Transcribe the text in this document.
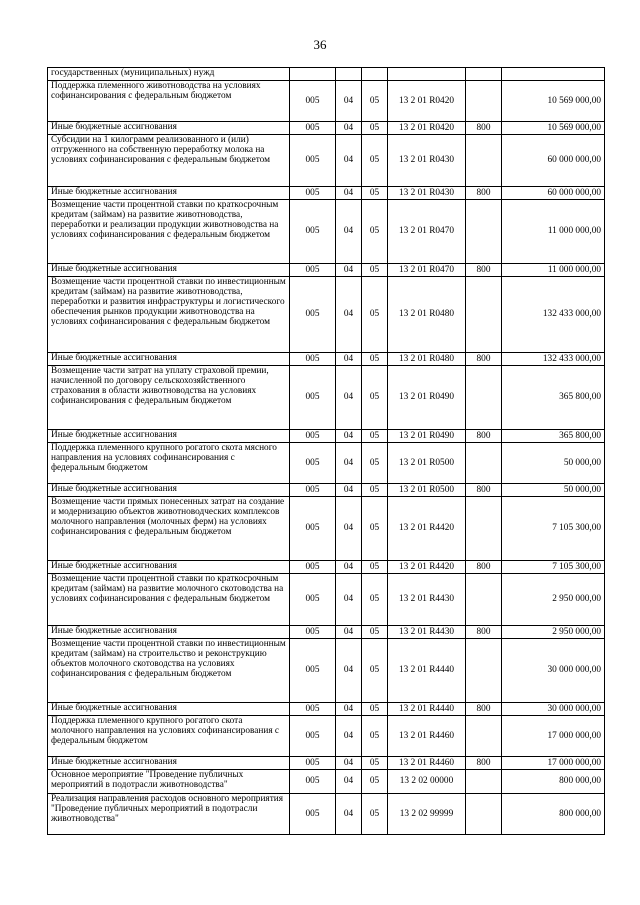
36
государственных (муниципальных) нужд						
Поддержка племенного животноводства на условиях софинансирования с федеральным бюджетом	005	04	05	13 2 01 R0420		10 569 000,00
Иные бюджетные ассигнования	005	04	05	13 2 01 R0420	800	10 569 000,00
Субсидии на 1 килограмм реализованного и (или) отгруженного на собственную переработку молока на условиях софинансирования с федеральным бюджетом	005	04	05	13 2 01 R0430		60 000 000,00
Иные бюджетные ассигнования	005	04	05	13 2 01 R0430	800	60 000 000,00
Возмещение части процентной ставки по краткосрочным кредитам (займам) на развитие животноводства, переработки и реализации продукции животноводства на условиях софинансирования с федеральным бюджетом	005	04	05	13 2 01 R0470		11 000 000,00
Иные бюджетные ассигнования	005	04	05	13 2 01 R0470	800	11 000 000,00
Возмещение части процентной ставки по инвестиционным кредитам (займам) на развитие животноводства, переработки и развития инфраструктуры и логистического обеспечения рынков продукции животноводства на условиях софинансирования с федеральным бюджетом	005	04	05	13 2 01 R0480		132 433 000,00
Иные бюджетные ассигнования	005	04	05	13 2 01 R0480	800	132 433 000,00
Возмещение части затрат на уплату страховой премии, начисленной по договору сельскохозяйственного страхования в области животноводства на условиях софинансирования с федеральным бюджетом	005	04	05	13 2 01 R0490		365 800,00
Иные бюджетные ассигнования	005	04	05	13 2 01 R0490	800	365 800,00
Поддержка племенного крупного рогатого скота мясного направления на условиях софинансирования с федеральным бюджетом	005	04	05	13 2 01 R0500		50 000,00
Иные бюджетные ассигнования	005	04	05	13 2 01 R0500	800	50 000,00
Возмещение части прямых понесенных затрат на создание и модернизацию объектов животноводческих комплексов молочного направления (молочных ферм) на условиях софинансирования с федеральным бюджетом	005	04	05	13 2 01 R4420		7 105 300,00
Иные бюджетные ассигнования	005	04	05	13 2 01 R4420	800	7 105 300,00
Возмещение части процентной ставки по краткосрочным кредитам (займам) на развитие молочного скотоводства на условиях софинансирования с федеральным бюджетом	005	04	05	13 2 01 R4430		2 950 000,00
Иные бюджетные ассигнования	005	04	05	13 2 01 R4430	800	2 950 000,00
Возмещение части процентной ставки по инвестиционным кредитам (займам) на строительство и реконструкцию объектов молочного скотоводства на условиях софинансирования с федеральным бюджетом	005	04	05	13 2 01 R4440		30 000 000,00
Иные бюджетные ассигнования	005	04	05	13 2 01 R4440	800	30 000 000,00
Поддержка племенного крупного рогатого скота молочного направления на условиях софинансирования с федеральным бюджетом	005	04	05	13 2 01 R4460		17 000 000,00
Иные бюджетные ассигнования	005	04	05	13 2 01 R4460	800	17 000 000,00
Основное мероприятие "Проведение публичных мероприятий в подотрасли животноводства"	005	04	05	13 2 02 00000		800 000,00
Реализация направления расходов основного мероприятия "Проведение публичных мероприятий в подотрасли животноводства"	005	04	05	13 2 02 99999		800 000,00
